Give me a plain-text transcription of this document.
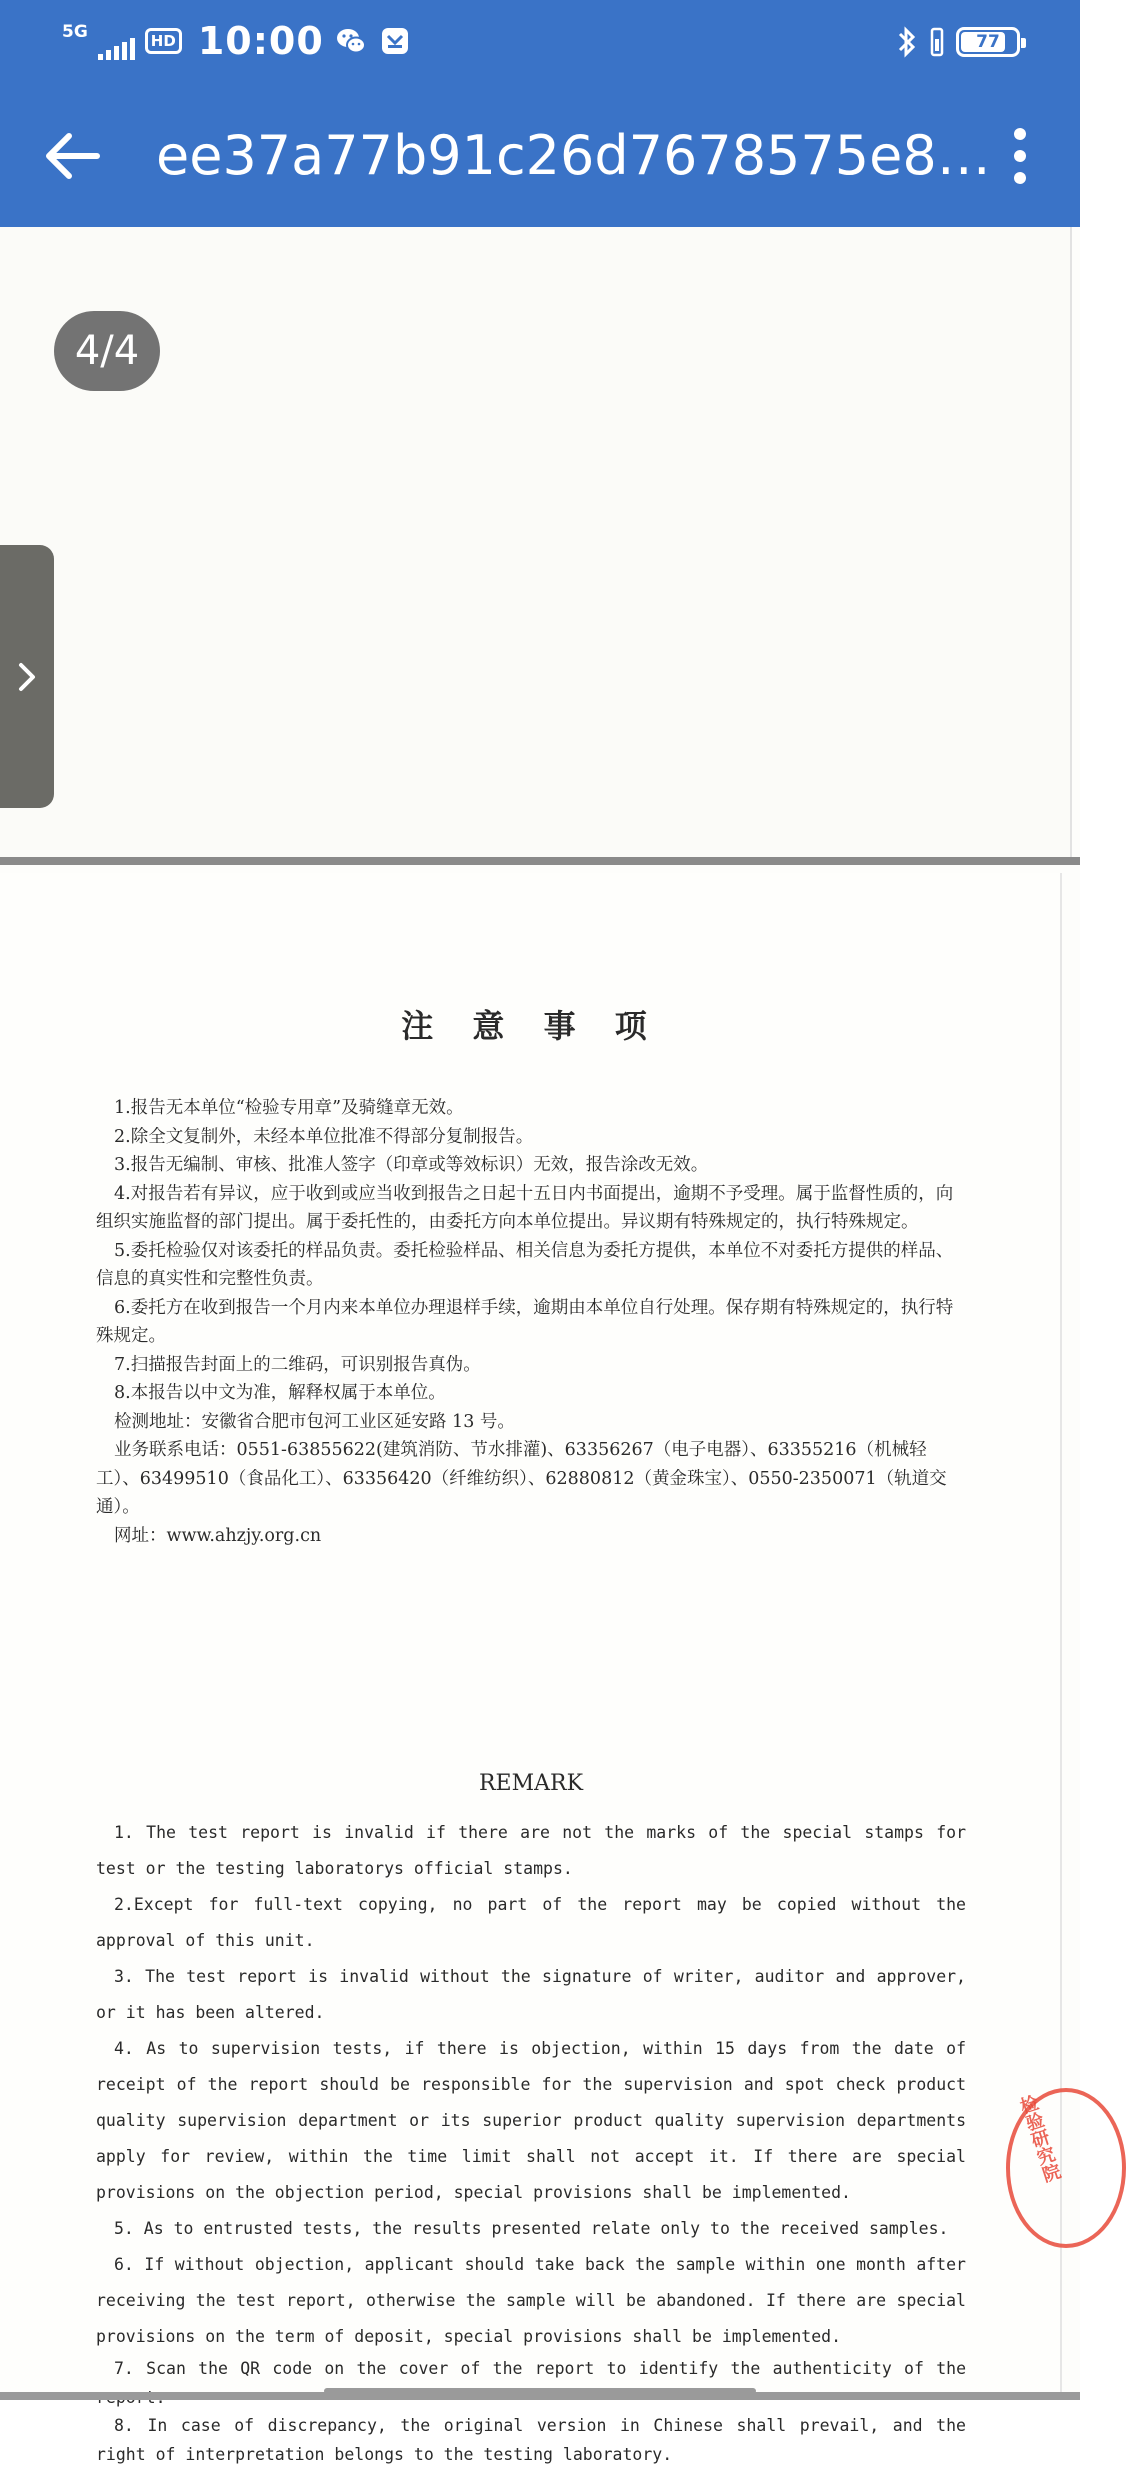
5G	HD 10:00	77
ee37a77b91c26d7678575e8…
4/4
注 意 事 项

1.报告无本单位“检验专用章”及骑缝章无效。

2.除全文复制外，未经本单位批准不得部分复制报告。

3.报告无编制、审核、批准人签字（印章或等效标识）无效，报告涂改无效。

4.对报告若有异议，应于收到或应当收到报告之日起十五日内书面提出，逾期不予受理。属于监督性质的，向组织实施监督的部门提出。属于委托性的，由委托方向本单位提出。异议期有特殊规定的，执行特殊规定。

5.委托检验仅对该委托的样品负责。委托检验样品、相关信息为委托方提供，本单位不对委托方提供的样品、信息的真实性和完整性负责。

6.委托方在收到报告一个月内来本单位办理退样手续，逾期由本单位自行处理。保存期有特殊规定的，执行特殊规定。

7.扫描报告封面上的二维码，可识别报告真伪。

8.本报告以中文为准，解释权属于本单位。

检测地址：安徽省合肥市包河工业区延安路 13 号。

业务联系电话：0551-63855622(建筑消防、节水排灌)、63356267（电子电器）、63355216（机械轻工）、63499510（食品化工）、63356420（纤维纺织）、62880812（黄金珠宝）、0550-2350071（轨道交通）。

网址：www.ahzjy.org.cn

REMARK

1. The test report is invalid if there are not the marks of the special stamps for test or the testing laboratorys official stamps.

2.Except for full-text copying, no part of the report may be copied without the approval of this unit.

3. The test report is invalid without the signature of writer, auditor and approver, or it has been altered.

4. As to supervision tests, if there is objection, within 15 days from the date of receipt of the report should be responsible for the supervision and spot check product quality supervision department or its superior product quality supervision departments apply for review, within the time limit shall not accept it. If there are special provisions on the objection period, special provisions shall be implemented.

5. As to entrusted tests, the results presented relate only to the received samples.

6. If without objection, applicant should take back the sample within one month after receiving the test report, otherwise the sample will be abandoned. If there are special provisions on the term of deposit, special provisions shall be implemented.

7. Scan the QR code on the cover of the report to identify the authenticity of the

8. In case of discrepancy, the original version in Chinese shall prevail, and the right of interpretation belongs to the testing laboratory.

检验研究院
